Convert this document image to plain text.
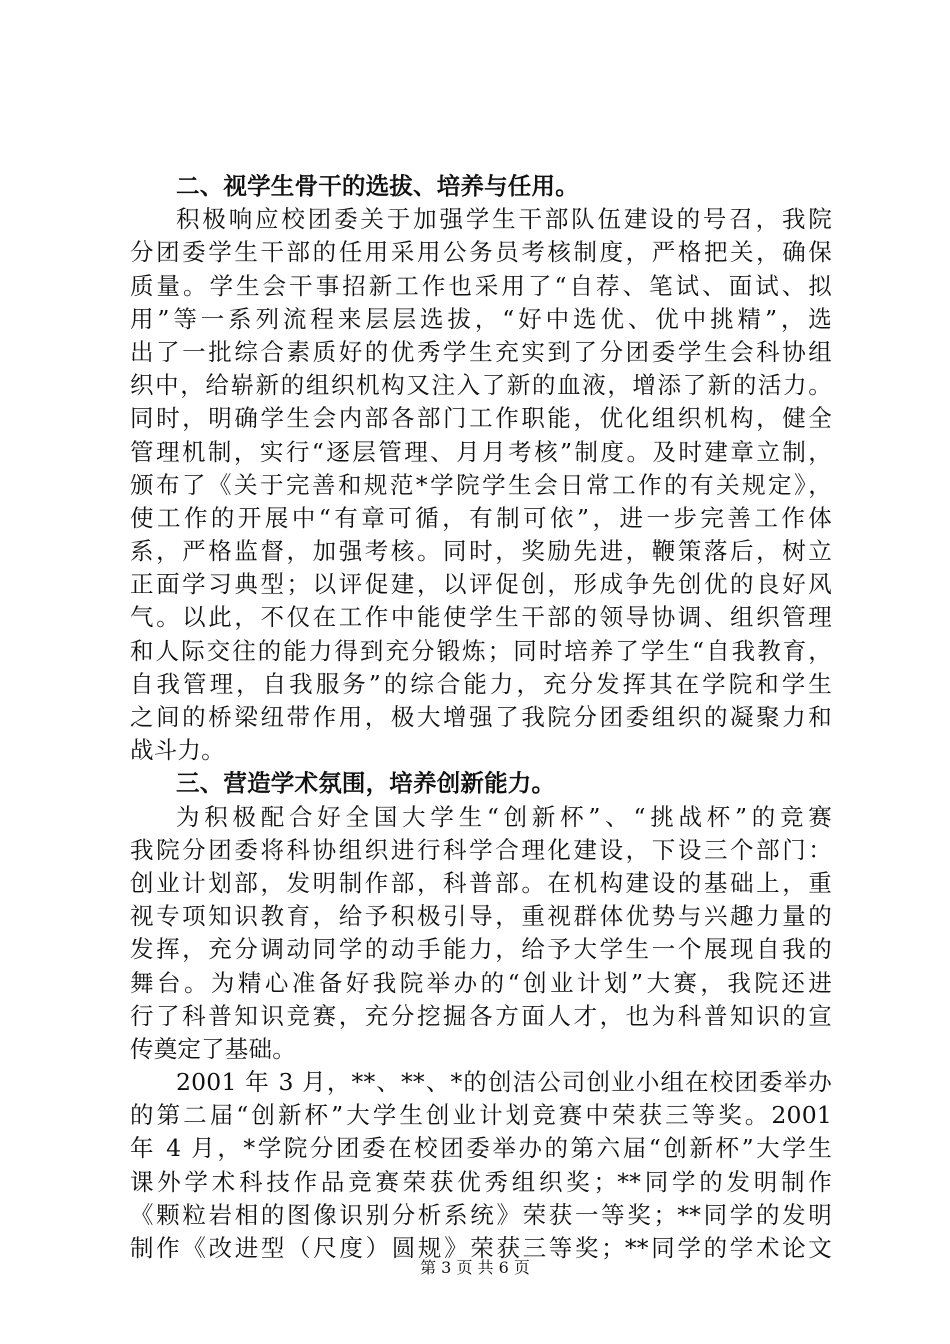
二、视学生骨干的选拔、培养与任用。
积极响应校团委关于加强学生干部队伍建设的号召，我院
分团委学生干部的任用采用公务员考核制度，严格把关，确保
质量。学生会干事招新工作也采用了“自荐、笔试、面试、拟
用”等一系列流程来层层选拔，“好中选优、优中挑精”，选
出了一批综合素质好的优秀学生充实到了分团委学生会科协组
织中，给崭新的组织机构又注入了新的血液，增添了新的活力。
同时，明确学生会内部各部门工作职能，优化组织机构，健全
管理机制，实行“逐层管理、月月考核”制度。及时建章立制，
颁布了《关于完善和规范*学院学生会日常工作的有关规定》，
使工作的开展中“有章可循，有制可依”，进一步完善工作体
系，严格监督，加强考核。同时，奖励先进，鞭策落后，树立
正面学习典型；以评促建，以评促创，形成争先创优的良好风
气。以此，不仅在工作中能使学生干部的领导协调、组织管理
和人际交往的能力得到充分锻炼；同时培养了学生“自我教育，
自我管理，自我服务”的综合能力，充分发挥其在学院和学生
之间的桥梁纽带作用，极大增强了我院分团委组织的凝聚力和
战斗力。
三、营造学术氛围，培养创新能力。
为积极配合好全国大学生“创新杯”、“挑战杯”的竞赛
我院分团委将科协组织进行科学合理化建设，下设三个部门：
创业计划部，发明制作部，科普部。在机构建设的基础上，重
视专项知识教育，给予积极引导，重视群体优势与兴趣力量的
发挥，充分调动同学的动手能力，给予大学生一个展现自我的
舞台。为精心准备好我院举办的“创业计划”大赛，我院还进
行了科普知识竞赛，充分挖掘各方面人才，也为科普知识的宣
传奠定了基础。
2001 年 3 月，**、**、*的创洁公司创业小组在校团委举办
的第二届“创新杯”大学生创业计划竞赛中荣获三等奖。2001
年 4 月，*学院分团委在校团委举办的第六届“创新杯”大学生
课外学术科技作品竞赛荣获优秀组织奖；**同学的发明制作
《颗粒岩相的图像识别分析系统》荣获一等奖；**同学的发明
制作《改进型（尺度）圆规》荣获三等奖；**同学的学术论文
第 3 页 共 6 页
